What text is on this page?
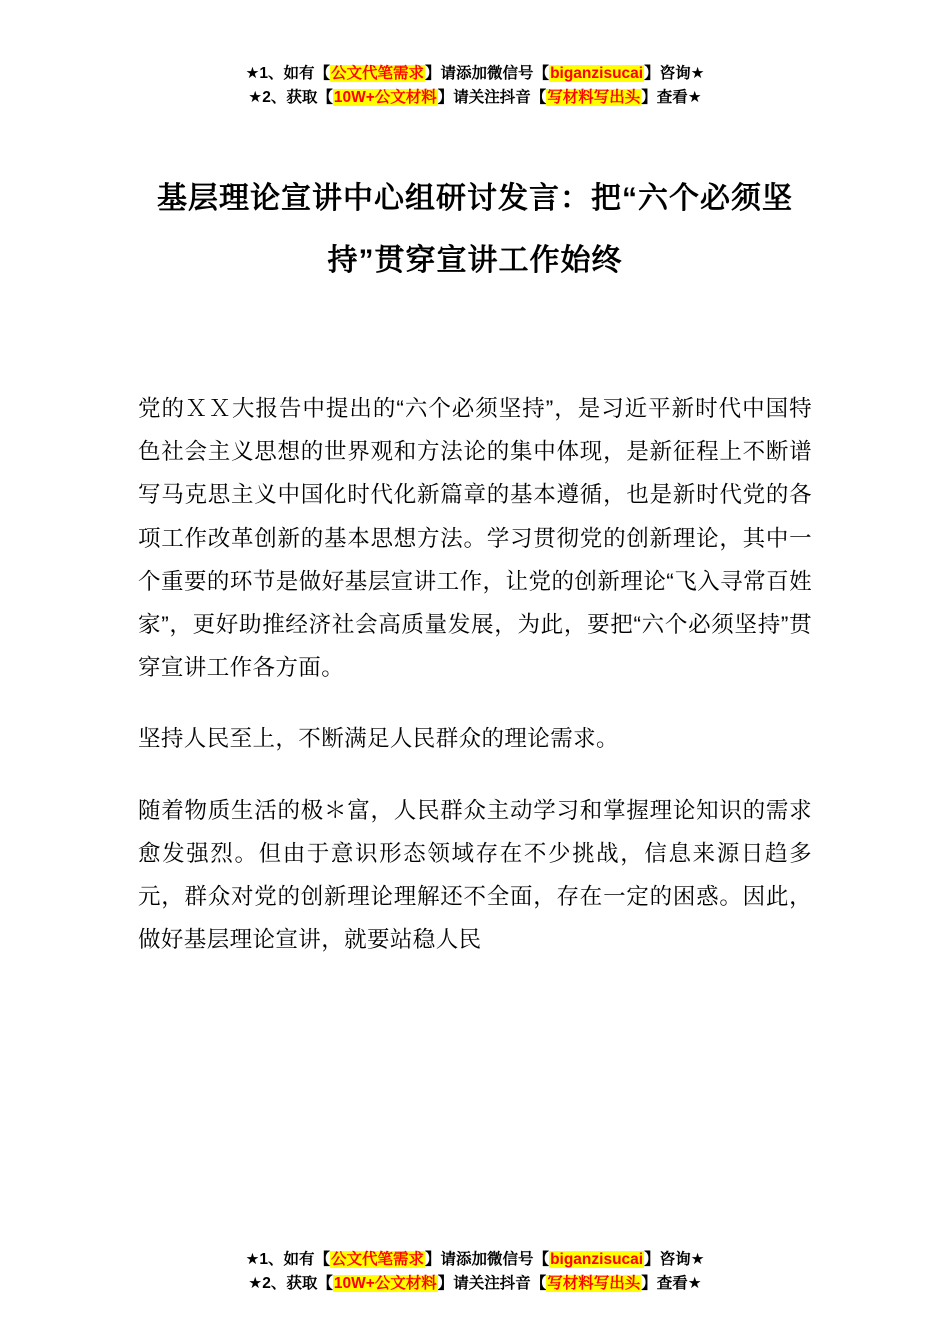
★1、如有【公文代笔需求】请添加微信号【biganzisucai】咨询★
★2、获取【10W+公文材料】请关注抖音【写材料写出头】查看★
基层理论宣讲中心组研讨发言：把“六个必须坚持”贯穿宣讲工作始终

党的ＸＸ大报告中提出的“六个必须坚持”，是习近平新时代中国特色社会主义思想的世界观和方法论的集中体现，是新征程上不断谱写马克思主义中国化时代化新篇章的基本遵循，也是新时代党的各项工作改革创新的基本思想方法。学习贯彻党的创新理论，其中一个重要的环节是做好基层宣讲工作，让党的创新理论“飞入寻常百姓家”，更好助推经济社会高质量发展，为此，要把“六个必须坚持”贯穿宣讲工作各方面。

坚持人民至上，不断满足人民群众的理论需求。

随着物质生活的极＊富，人民群众主动学习和掌握理论知识的需求愈发强烈。但由于意识形态领域存在不少挑战，信息来源日趋多元，群众对党的创新理论理解还不全面，存在一定的困惑。因此，做好基层理论宣讲，就要站稳人民

★1、如有【公文代笔需求】请添加微信号【biganzisucai】咨询★
★2、获取【10W+公文材料】请关注抖音【写材料写出头】查看★
